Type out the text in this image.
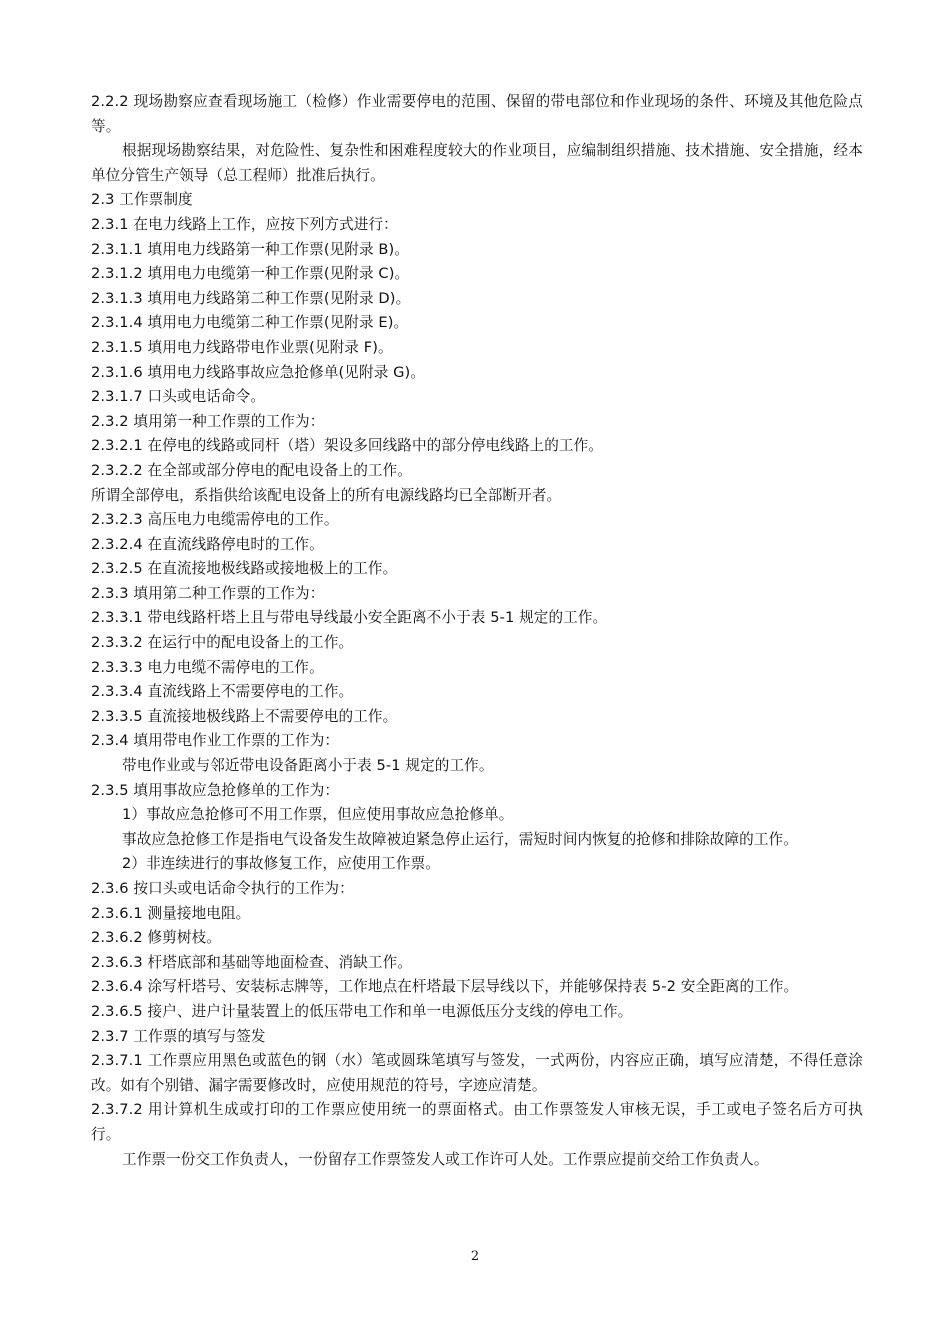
2.2.2 现场勘察应查看现场施工（检修）作业需要停电的范围、保留的带电部位和作业现场的条件、环境及其他危险点等。
根据现场勘察结果，对危险性、复杂性和困难程度较大的作业项目，应编制组织措施、技术措施、安全措施，经本单位分管生产领导（总工程师）批准后执行。
2.3 工作票制度
2.3.1 在电力线路上工作，应按下列方式进行：
2.3.1.1 填用电力线路第一种工作票(见附录 B)。
2.3.1.2 填用电力电缆第一种工作票(见附录 C)。
2.3.1.3 填用电力线路第二种工作票(见附录 D)。
2.3.1.4 填用电力电缆第二种工作票(见附录 E)。
2.3.1.5 填用电力线路带电作业票(见附录 F)。
2.3.1.6 填用电力线路事故应急抢修单(见附录 G)。
2.3.1.7 口头或电话命令。
2.3.2 填用第一种工作票的工作为：
2.3.2.1 在停电的线路或同杆（塔）架设多回线路中的部分停电线路上的工作。
2.3.2.2 在全部或部分停电的配电设备上的工作。
所谓全部停电，系指供给该配电设备上的所有电源线路均已全部断开者。
2.3.2.3 高压电力电缆需停电的工作。
2.3.2.4 在直流线路停电时的工作。
2.3.2.5 在直流接地极线路或接地极上的工作。
2.3.3 填用第二种工作票的工作为：
2.3.3.1 带电线路杆塔上且与带电导线最小安全距离不小于表 5-1 规定的工作。
2.3.3.2 在运行中的配电设备上的工作。
2.3.3.3 电力电缆不需停电的工作。
2.3.3.4 直流线路上不需要停电的工作。
2.3.3.5 直流接地极线路上不需要停电的工作。
2.3.4 填用带电作业工作票的工作为：
带电作业或与邻近带电设备距离小于表 5-1 规定的工作。
2.3.5 填用事故应急抢修单的工作为：
1）事故应急抢修可不用工作票，但应使用事故应急抢修单。
事故应急抢修工作是指电气设备发生故障被迫紧急停止运行，需短时间内恢复的抢修和排除故障的工作。
2）非连续进行的事故修复工作，应使用工作票。
2.3.6 按口头或电话命令执行的工作为：
2.3.6.1 测量接地电阻。
2.3.6.2 修剪树枝。
2.3.6.3 杆塔底部和基础等地面检查、消缺工作。
2.3.6.4 涂写杆塔号、安装标志牌等，工作地点在杆塔最下层导线以下，并能够保持表 5-2 安全距离的工作。
2.3.6.5 接户、进户计量装置上的低压带电工作和单一电源低压分支线的停电工作。
2.3.7 工作票的填写与签发
2.3.7.1 工作票应用黑色或蓝色的钢（水）笔或圆珠笔填写与签发，一式两份，内容应正确，填写应清楚，不得任意涂改。如有个别错、漏字需要修改时，应使用规范的符号，字迹应清楚。
2.3.7.2 用计算机生成或打印的工作票应使用统一的票面格式。由工作票签发人审核无误，手工或电子签名后方可执行。
工作票一份交工作负责人，一份留存工作票签发人或工作许可人处。工作票应提前交给工作负责人。
2
